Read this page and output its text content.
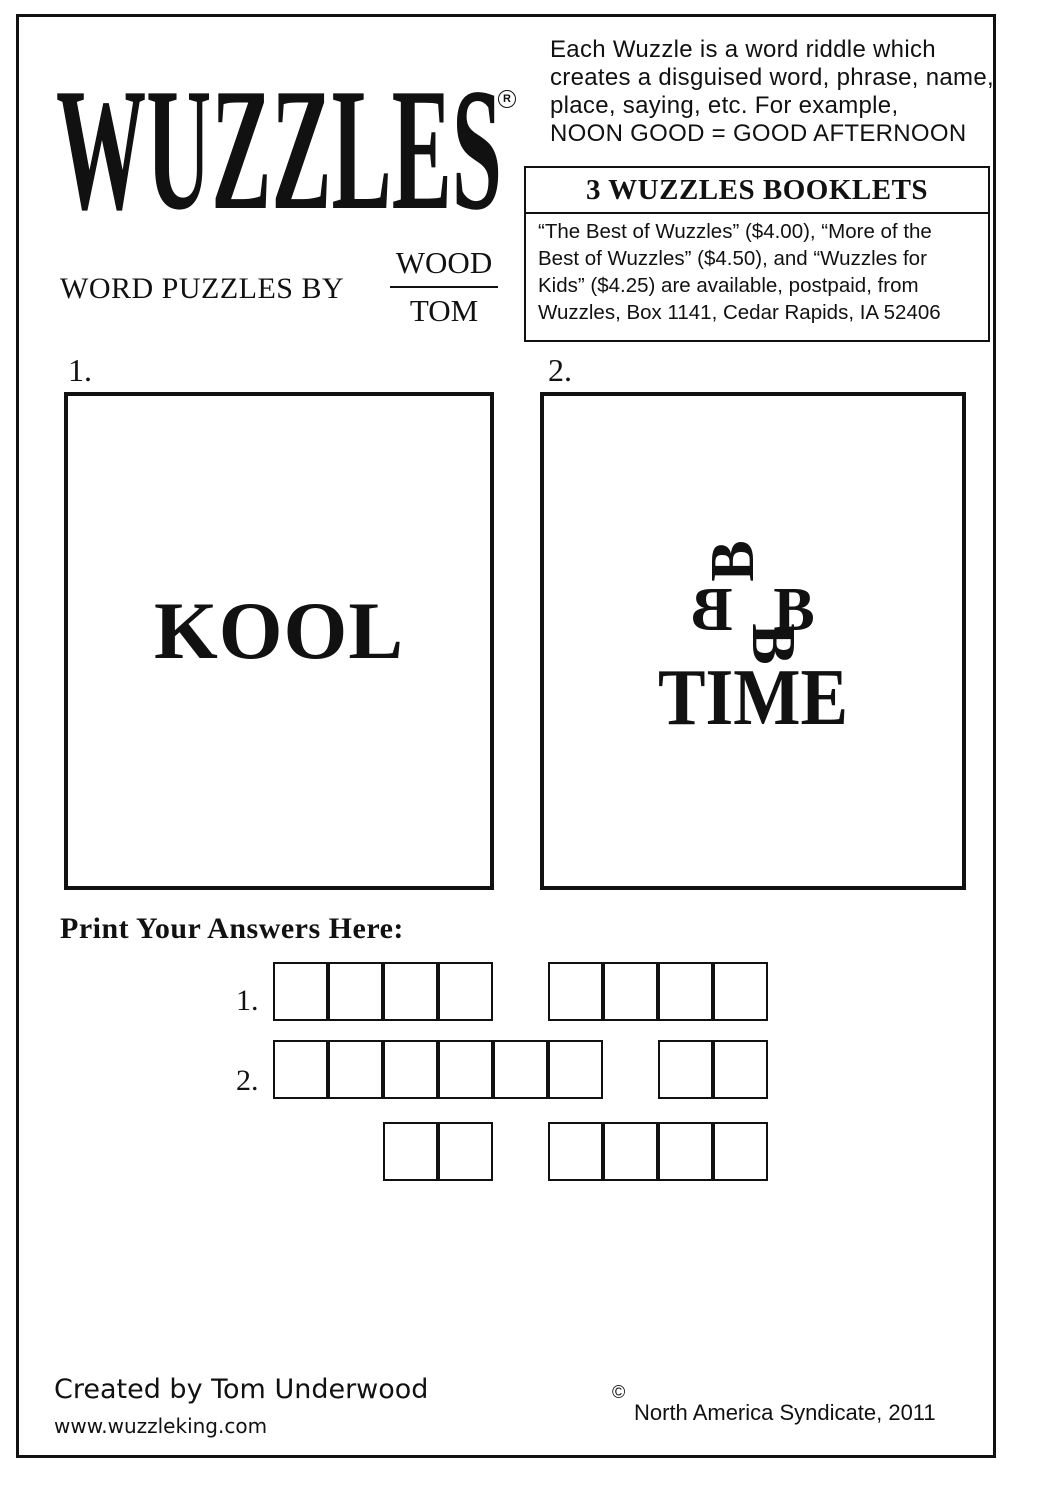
WUZZLES R
WORD PUZZLES BY
WOOD
TOM
Each Wuzzle is a word riddle which
creates a disguised word, phrase, name,
place, saying, etc. For example,
NOON GOOD = GOOD AFTERNOON
3 WUZZLES BOOKLETS
“The Best of Wuzzles” ($4.00), “More of the
Best of Wuzzles” ($4.50), and “Wuzzles for
Kids” ($4.25) are available, postpaid, from
Wuzzles, Box 1141, Cedar Rapids, IA 52406
1.
KOOL
2.
B
B B
B
TIME
Print Your Answers Here:
1.
2.
Created by Tom Underwood
www.wuzzleking.com
©
North America Syndicate, 2011
